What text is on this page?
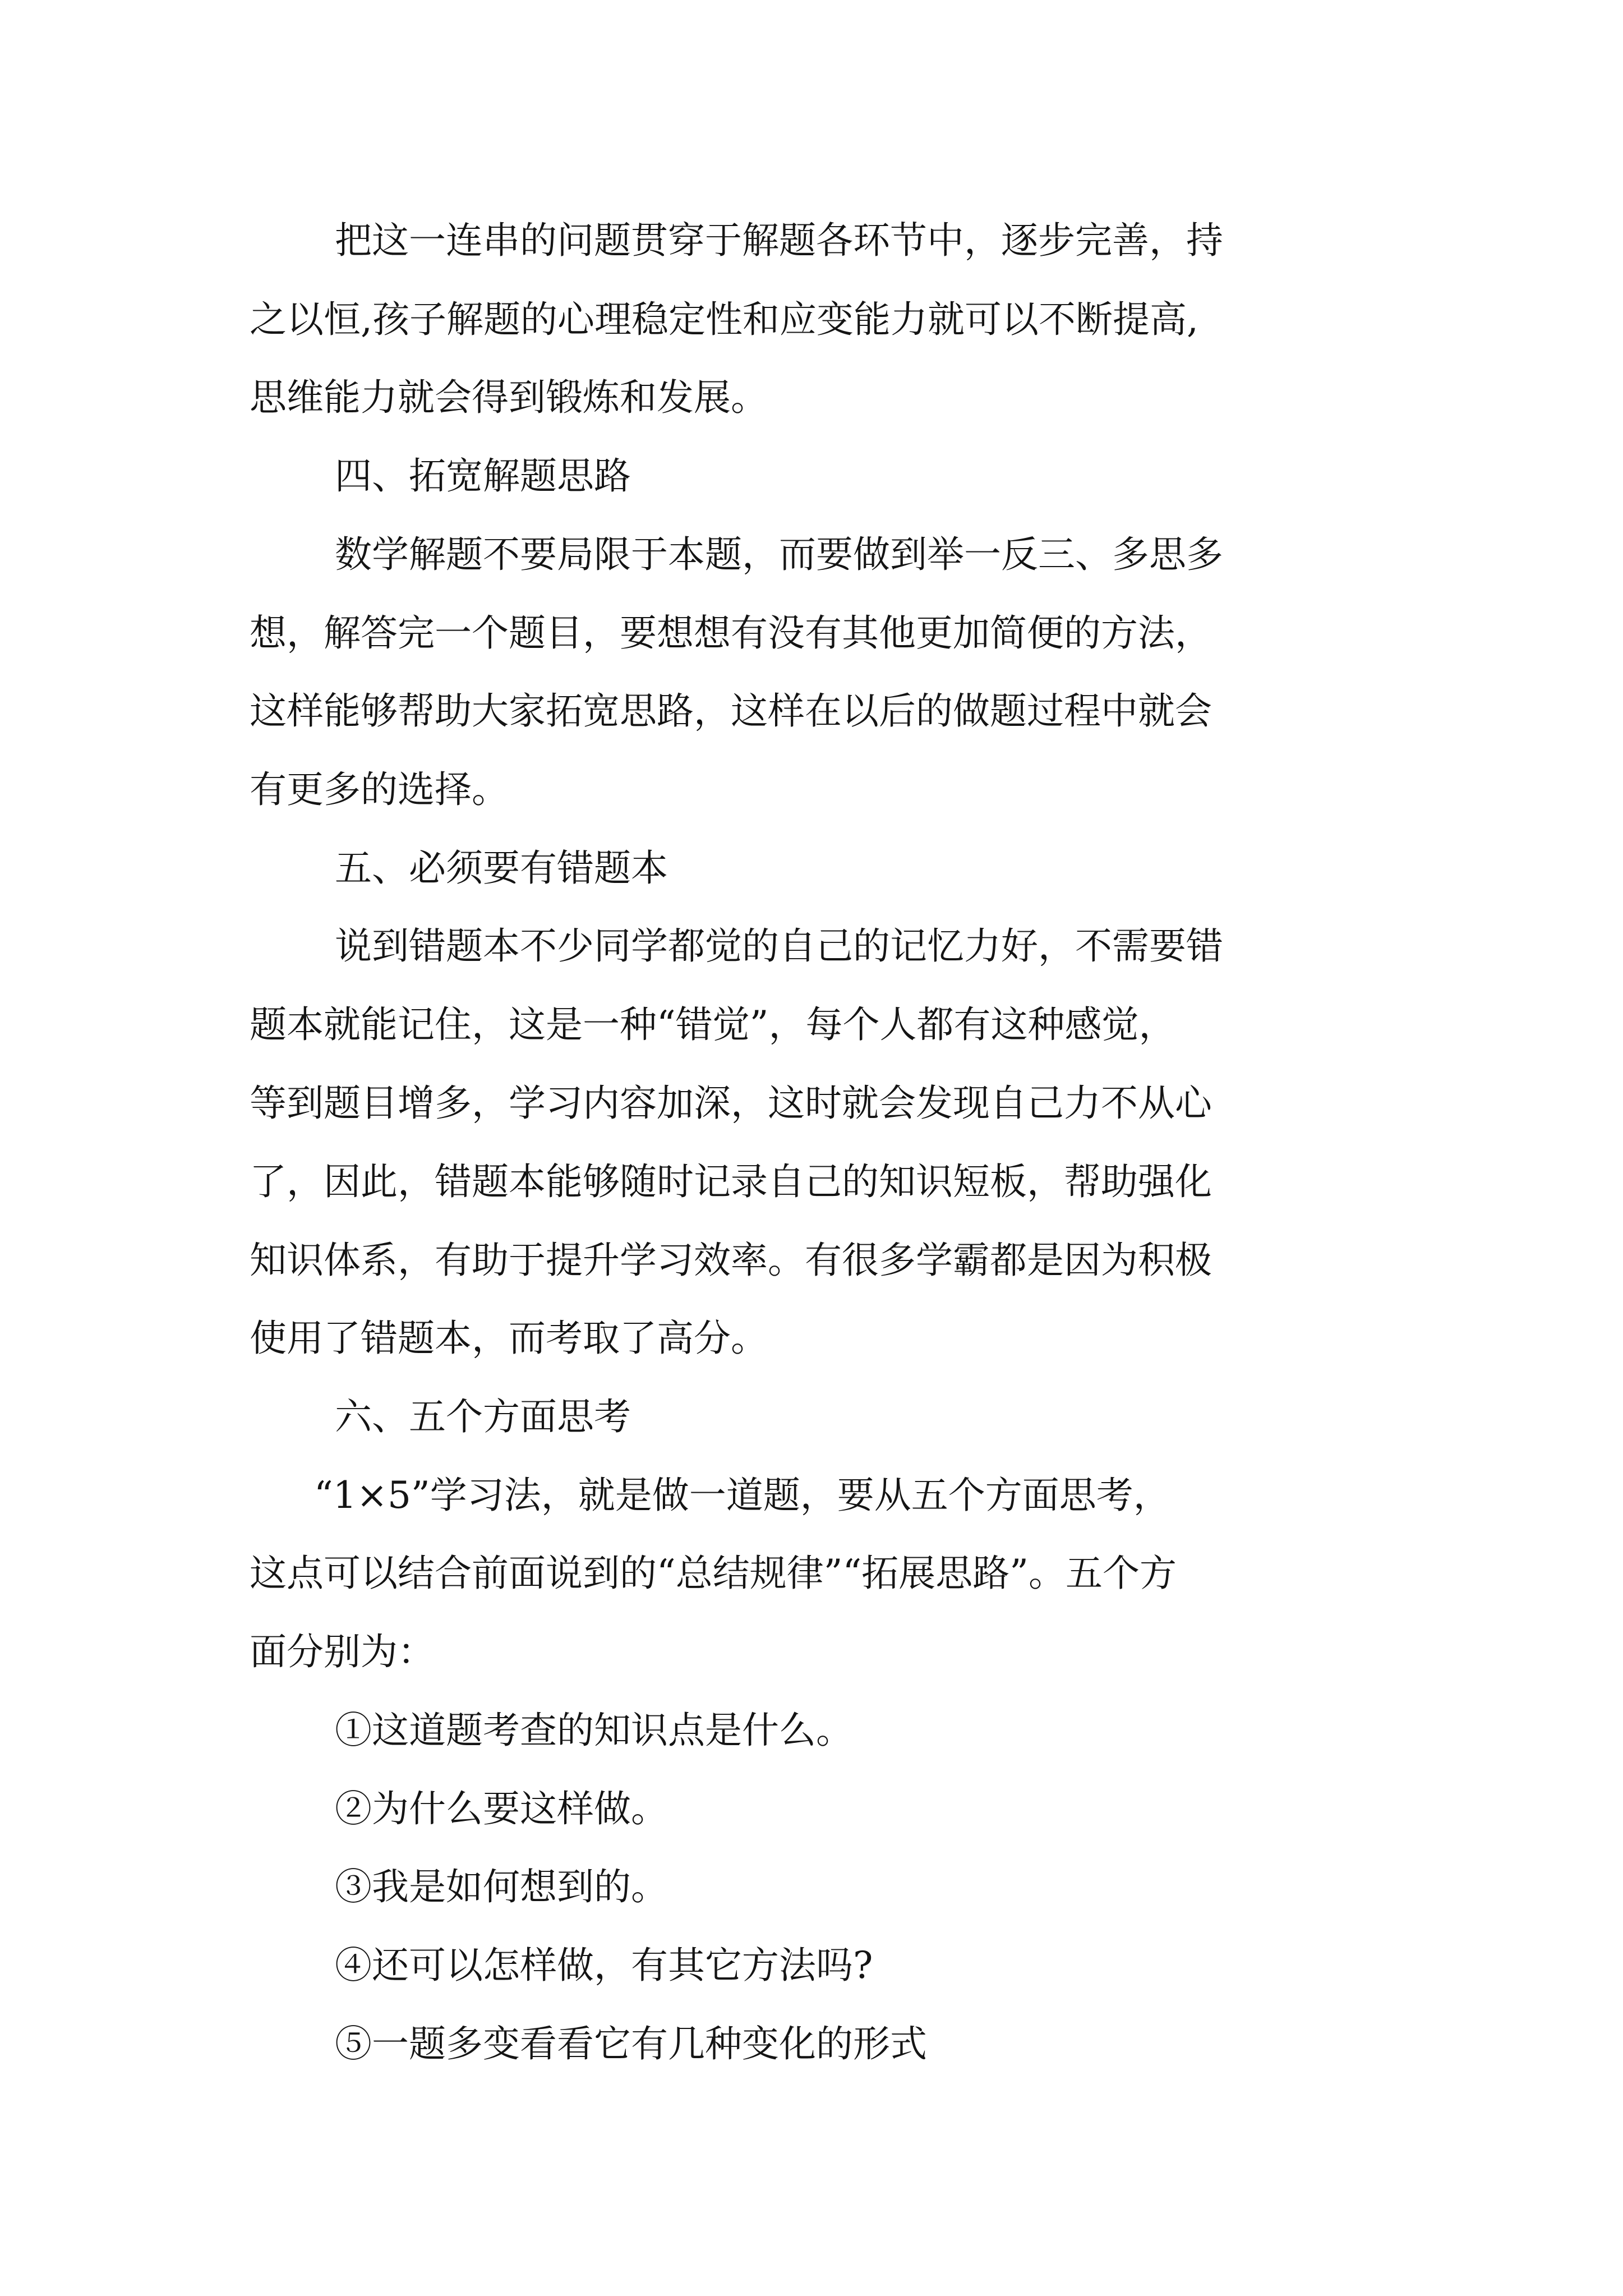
把这一连串的问题贯穿于解题各环节中，逐步完善，持

之以恒,孩子解题的心理稳定性和应变能力就可以不断提高,

思维能力就会得到锻炼和发展。

四、拓宽解题思路

数学解题不要局限于本题，而要做到举一反三、多思多

想，解答完一个题目，要想想有没有其他更加简便的方法，

这样能够帮助大家拓宽思路，这样在以后的做题过程中就会

有更多的选择。

五、必须要有错题本

说到错题本不少同学都觉的自己的记忆力好，不需要错

题本就能记住，这是一种“错觉”，每个人都有这种感觉，

等到题目增多，学习内容加深，这时就会发现自己力不从心

了，因此，错题本能够随时记录自己的知识短板，帮助强化

知识体系，有助于提升学习效率。有很多学霸都是因为积极

使用了错题本，而考取了高分。

六、五个方面思考

“1×5”学习法，就是做一道题，要从五个方面思考，

这点可以结合前面说到的“总结规律”“拓展思路”。五个方

面分别为：

①这道题考查的知识点是什么。

②为什么要这样做。

③我是如何想到的。

④还可以怎样做，有其它方法吗?

⑤一题多变看看它有几种变化的形式
